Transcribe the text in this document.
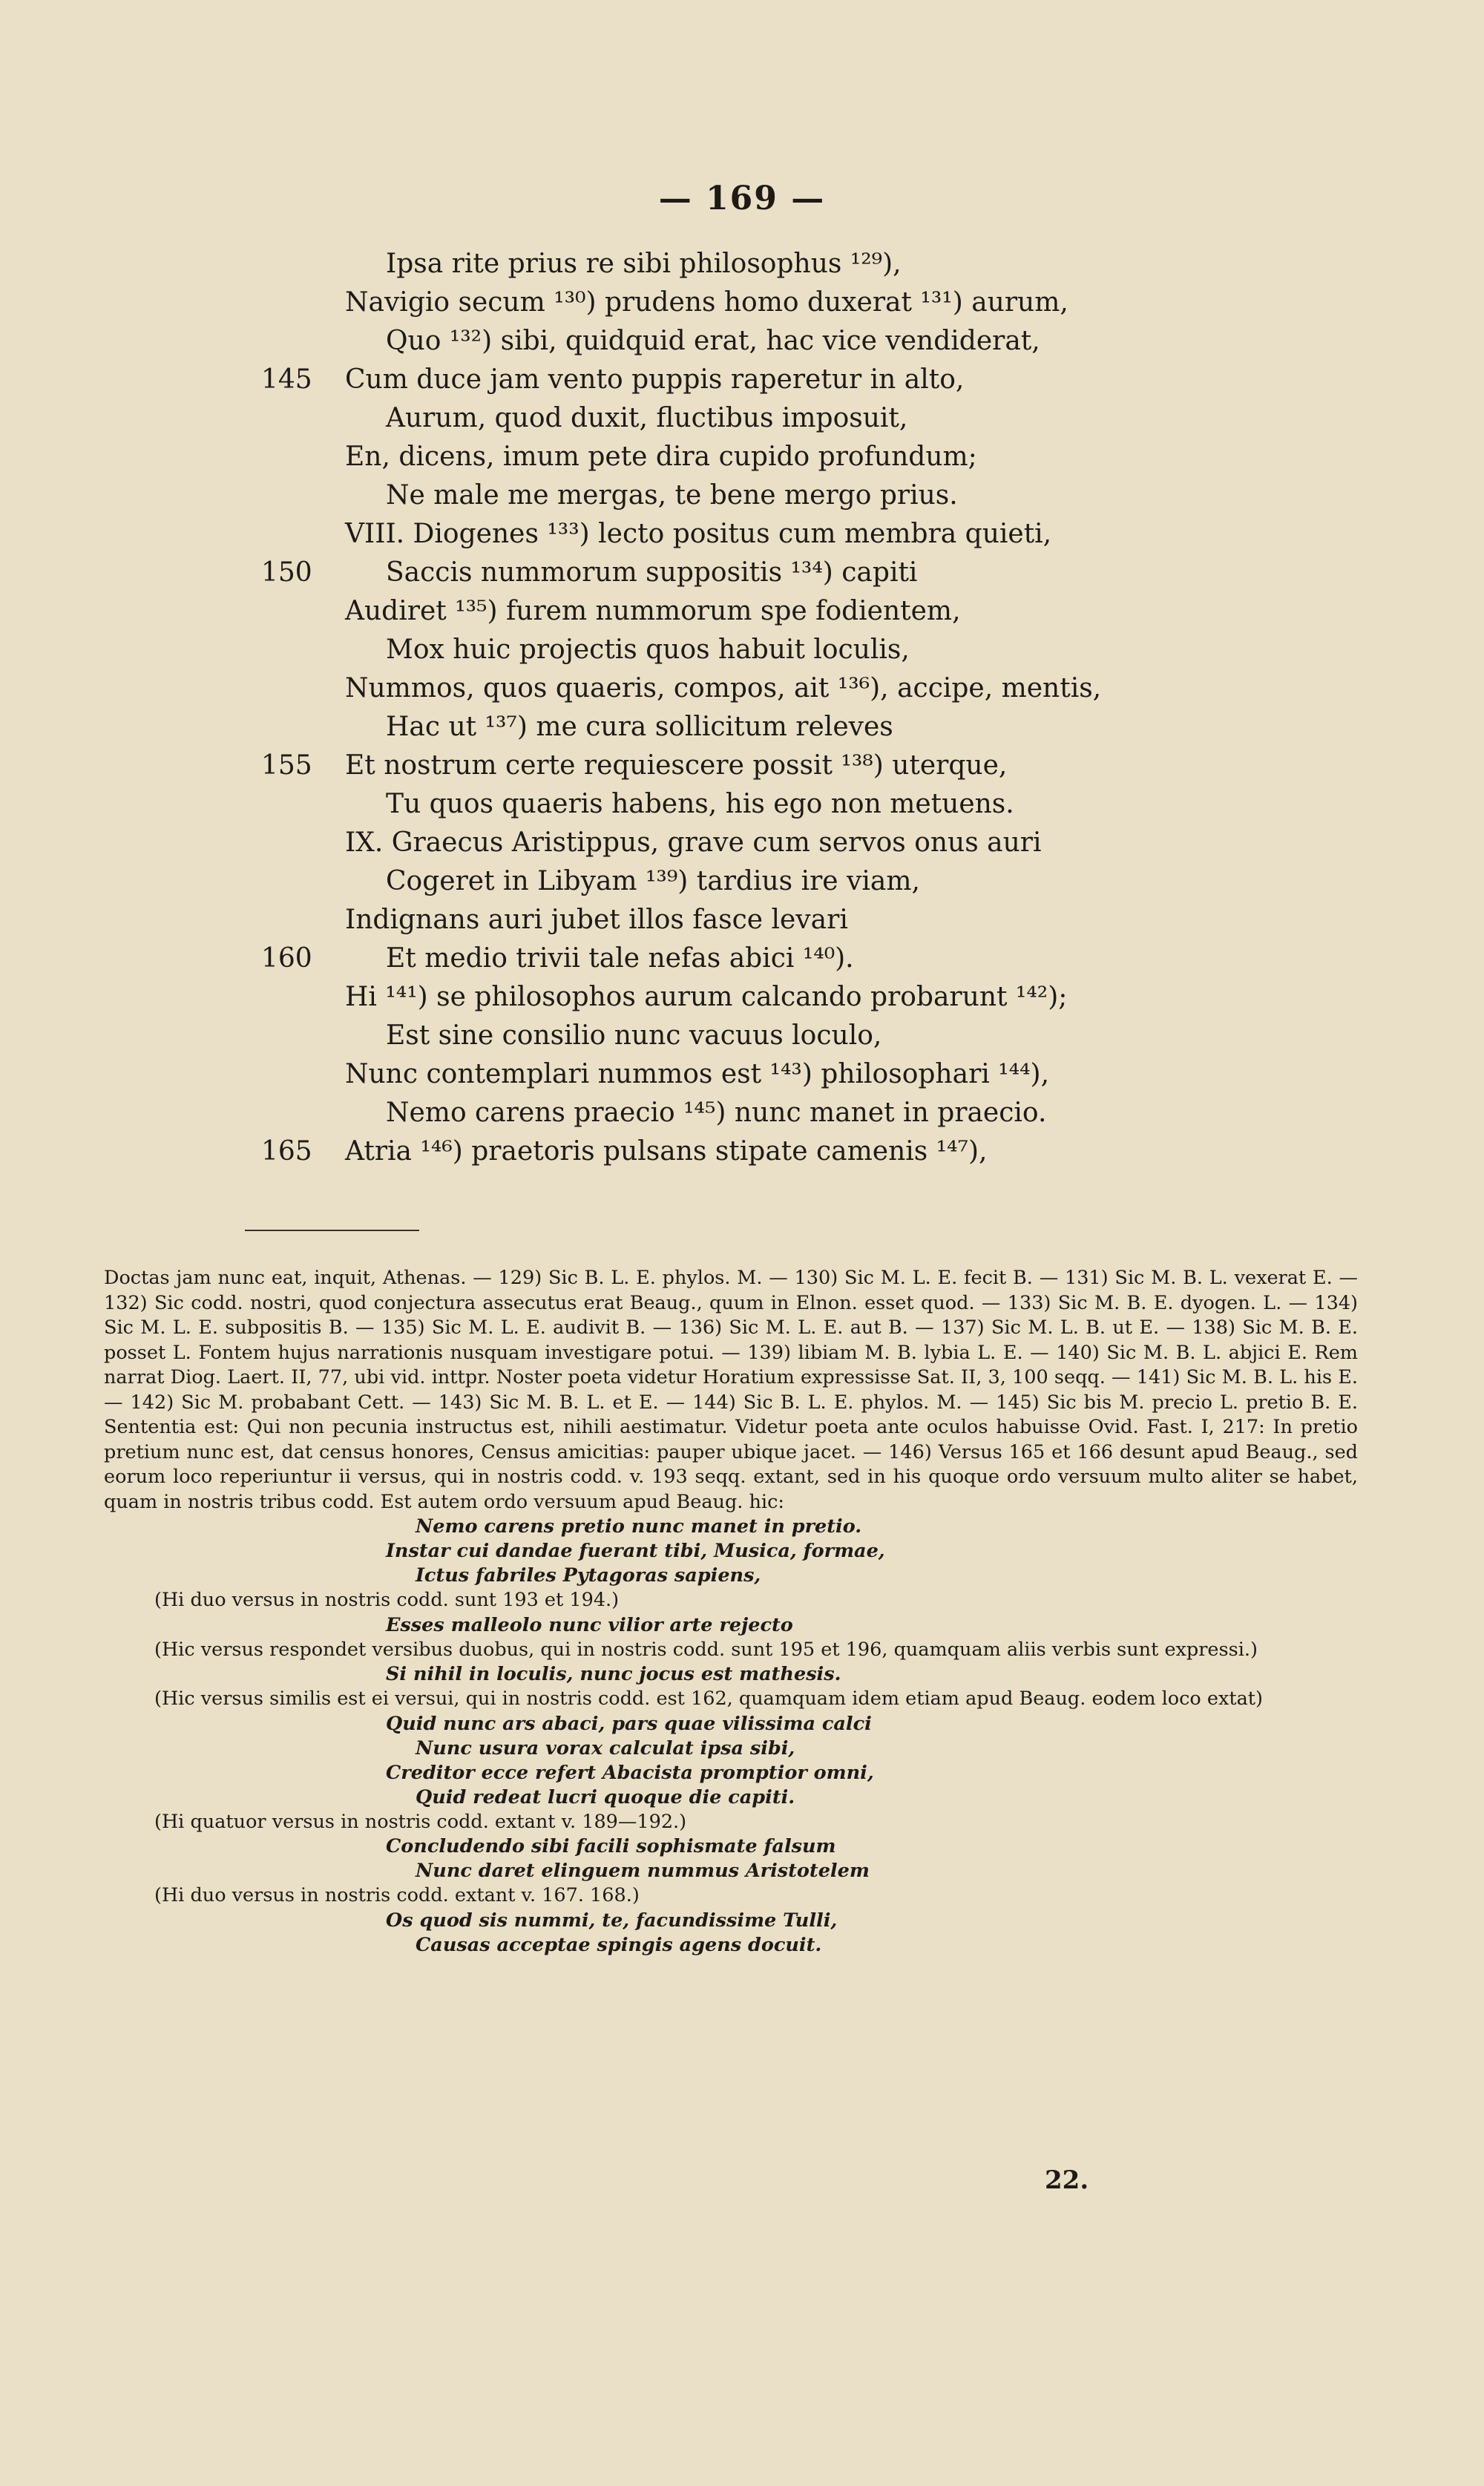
— 169 —
Ipsa rite prius re sibi philosophus ¹²⁹),
Navigio secum ¹³⁰) prudens homo duxerat ¹³¹) aurum,
Quo ¹³²) sibi, quidquid erat, hac vice vendiderat,
145	Cum duce jam vento puppis raperetur in alto,
Aurum, quod duxit, fluctibus imposuit,
En, dicens, imum pete dira cupido profundum;
Ne male me mergas, te bene mergo prius.
VIII. Diogenes ¹³³) lecto positus cum membra quieti,
150	Saccis nummorum suppositis ¹³⁴) capiti
Audiret ¹³⁵) furem nummorum spe fodientem,
Mox huic projectis quos habuit loculis,
Nummos, quos quaeris, compos, ait ¹³⁶), accipe, mentis,
Hac ut ¹³⁷) me cura sollicitum releves
155	Et nostrum certe requiescere possit ¹³⁸) uterque,
Tu quos quaeris habens, his ego non metuens.
IX. Graecus Aristippus, grave cum servos onus auri
Cogeret in Libyam ¹³⁹) tardius ire viam,
Indignans auri jubet illos fasce levari
160	Et medio trivii tale nefas abici ¹⁴⁰).
Hi ¹⁴¹) se philosophos aurum calcando probarunt ¹⁴²);
Est sine consilio nunc vacuus loculo,
Nunc contemplari nummos est ¹⁴³) philosophari ¹⁴⁴),
Nemo carens praecio ¹⁴⁵) nunc manet in praecio.
165	Atria ¹⁴⁶) praetoris pulsans stipate camenis ¹⁴⁷),

Doctas jam nunc eat, inquit, Athenas. — 129) Sic B. L. E. phylos. M. — 130) Sic M. L. E. fecit B. — 131) Sic M. B. L. vexerat E. — 132) Sic codd. nostri, quod conjectura assecutus erat Beaug., quum in Elnon. esset quod. — 133) Sic M. B. E. dyogen. L. — 134) Sic M. L. E. subpositis B. — 135) Sic M. L. E. audivit B. — 136) Sic M. L. E. aut B. — 137) Sic M. L. B. ut E. — 138) Sic M. B. E. posset L. Fontem hujus narrationis nusquam investigare potui. — 139) libiam M. B. lybia L. E. — 140) Sic M. B. L. abjici E. Rem narrat Diog. Laert. II, 77, ubi vid. inttpr. Noster poeta videtur Horatium expressisse Sat. II, 3, 100 seqq. — 141) Sic M. B. L. his E. — 142) Sic M. probabant Cett. — 143) Sic M. B. L. et E. — 144) Sic B. L. E. phylos. M. — 145) Sic bis M. precio L. pretio B. E. Sententia est: Qui non pecunia instructus est, nihili aestimatur. Videtur poeta ante oculos habuisse Ovid. Fast. I, 217: In pretio pretium nunc est, dat census honores, Census amicitias: pauper ubique jacet. — 146) Versus 165 et 166 desunt apud Beaug., sed eorum loco reperiuntur ii versus, qui in nostris codd. v. 193 seqq. extant, sed in his quoque ordo versuum multo aliter se habet, quam in nostris tribus codd. Est autem ordo versuum apud Beaug. hic:

Nemo carens pretio nunc manet in pretio.

Instar cui dandae fuerant tibi, Musica, formae,

Ictus fabriles Pytagoras sapiens,

(Hi duo versus in nostris codd. sunt 193 et 194.)

Esses malleolo nunc vilior arte rejecto

(Hic versus respondet versibus duobus, qui in nostris codd. sunt 195 et 196, quamquam aliis verbis sunt expressi.)

Si nihil in loculis, nunc jocus est mathesis.

(Hic versus similis est ei versui, qui in nostris codd. est 162, quamquam idem etiam apud Beaug. eodem loco extat)

Quid nunc ars abaci, pars quae vilissima calci

Nunc usura vorax calculat ipsa sibi,

Creditor ecce refert Abacista promptior omni,

Quid redeat lucri quoque die capiti.

(Hi quatuor versus in nostris codd. extant v. 189—192.)

Concludendo sibi facili sophismate falsum

Nunc daret elinguem nummus Aristotelem

(Hi duo versus in nostris codd. extant v. 167. 168.)

Os quod sis nummi, te, facundissime Tulli,

Causas acceptae spingis agens docuit.

22.
